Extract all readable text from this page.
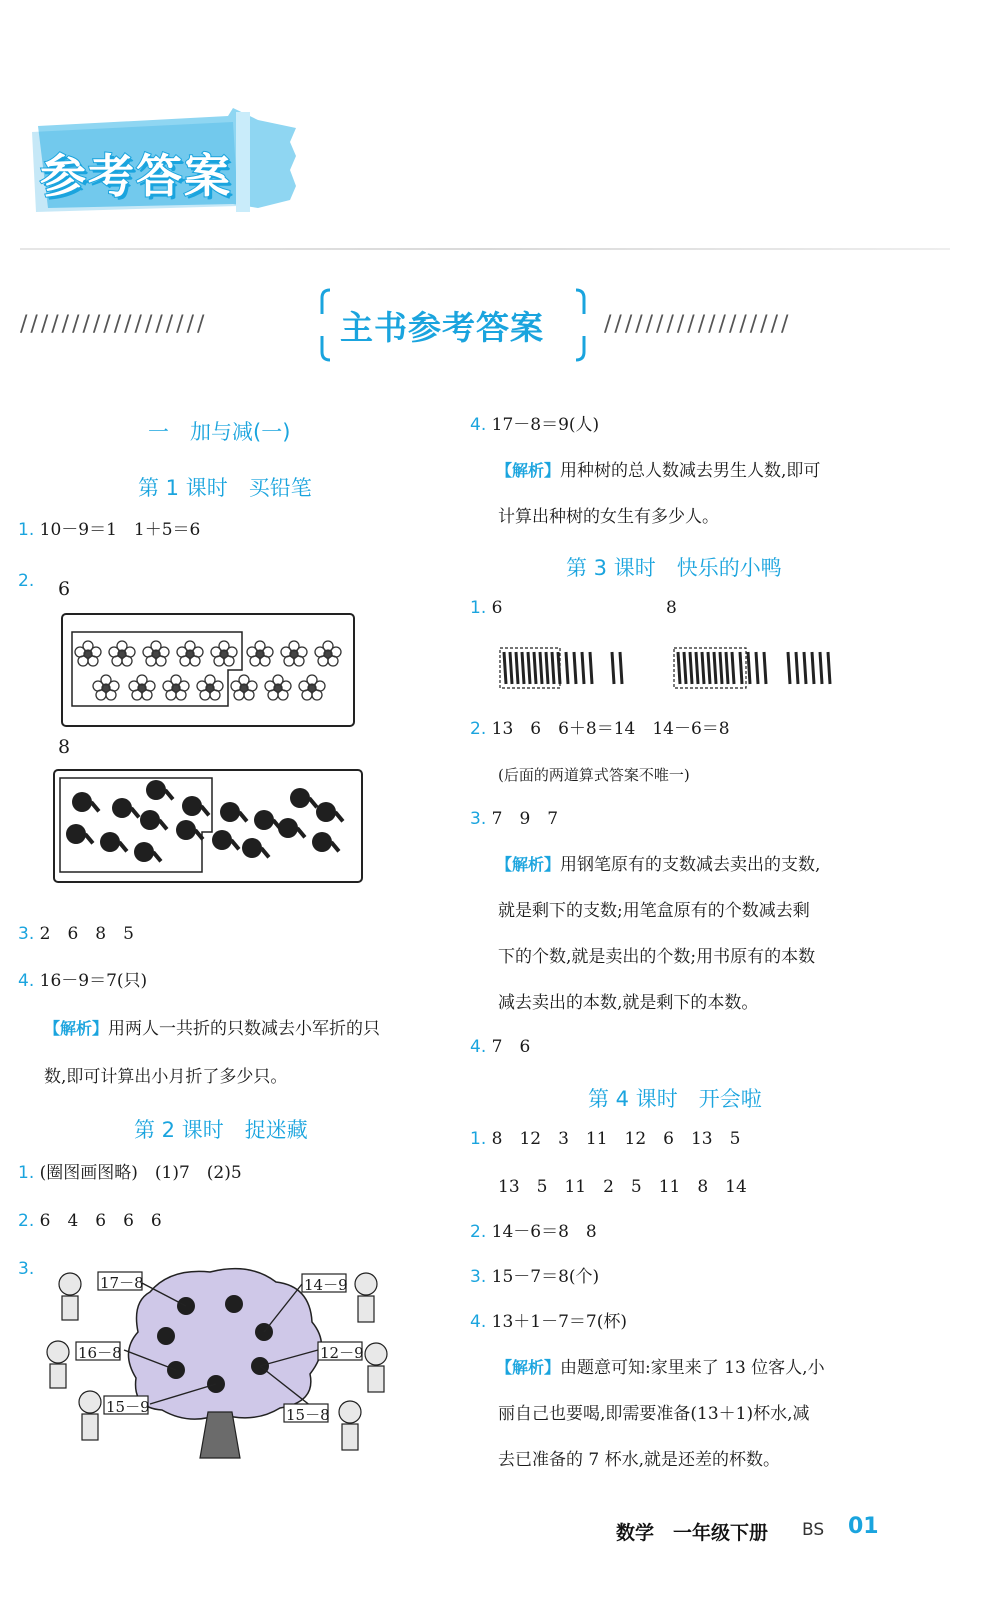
参考答案
//////////////////	//////////////////
主书参考答案
一　加与减(一)
第 1 课时　买铅笔
1. 10－9＝1　1＋5＝6
2. 6
8
3. 2　6　8　5
4. 16－9＝7(只)
【解析】用两人一共折的只数减去小军折的只
数,即可计算出小月折了多少只。
第 2 课时　捉迷藏
1. (圈图画图略)　(1)7　(2)5
2. 6　4　6　6　6
3.
17－8	14－9
16－8	12－9
15－9	15－8
4. 17－8＝9(人)
【解析】用种树的总人数减去男生人数,即可
计算出种树的女生有多少人。
第 3 课时　快乐的小鸭
1. 6	8
2. 13　6　6＋8＝14　14－6＝8
(后面的两道算式答案不唯一)
3. 7　9　7
【解析】用钢笔原有的支数减去卖出的支数,
就是剩下的支数;用笔盒原有的个数减去剩
下的个数,就是卖出的个数;用书原有的本数
减去卖出的本数,就是剩下的本数。
4. 7　6
第 4 课时　开会啦
1. 8　12　3　11　12　6　13　5
13　5　11　2　5　11　8　14
2. 14－6＝8　8
3. 15－7＝8(个)
4. 13＋1－7＝7(杯)
【解析】由题意可知:家里来了 13 位客人,小
丽自己也要喝,即需要准备(13＋1)杯水,减
去已准备的 7 杯水,就是还差的杯数。
数学　一年级下册 BS 01
